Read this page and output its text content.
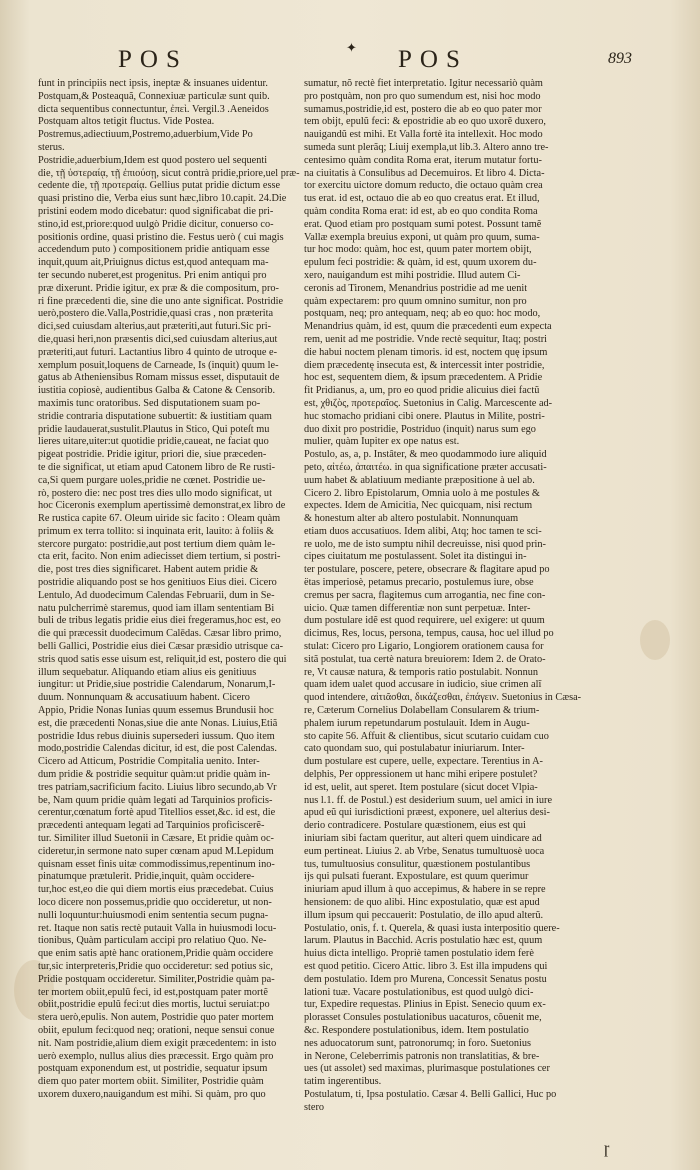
POS	✦ POS	893
funt in principiis nect ipsis, ineptæ & insuanes uidentur.
Postquam,& Posteaquã, Connexiuæ particulæ sunt quib.
dicta sequentibus connectuntur, ἐπεὶ. Vergil.3 .Aeneidos
Postquam altos tetigit fluctus. Vide Postea.
Postremus,adiectiuum,Postremo,aduerbium,Vide Po
sterus.
Postridie,aduerbium,Idem est quod postero uel sequenti
die, τῇ ὑστεραίᾳ, τῇ ἐπιούσῃ, sicut contrà pridie,priore,uel præ-
cedente die, τῇ προτεραίᾳ. Gellius putat pridie dictum esse
quasi pristino die, Verba eius sunt hæc,libro 10.capit. 24.Die
pristini eodem modo dicebatur: quod significabat die pri-
stino,id est,priore:quod uulgò Pridie dicitur, conuerso co-
positionis ordine, quasi pristino die. Festus uerò ( cui magis
accedendum puto ) compositionem pridie antiquam esse
inquit,quum ait,Priuignus dictus est,quod antequam ma-
ter secundo nuberet,est progenitus. Pri enim antiqui pro
præ dixerunt. Pridie igitur, ex præ & die compositum, pro-
ri fine præcedenti die, sine die uno ante significat. Postridie
uerò,postero die.Valla,Postridie,quasi cras , non præterita
dici,sed cuiusdam alterius,aut præteriti,aut futuri.Sic pri-
die,quasi heri,non præsentis dici,sed cuiusdam alterius,aut
præteriti,aut futuri. Lactantius libro 4 quinto de utroque e-
xemplum posuit,loquens de Carneade, Is (inquit) quum le-
gatus ab Atheniensibus Romam missus esset, disputauit de
iustitia copiosè, audientibus Galba & Catone & Censorib.
maximis tunc oratoribus. Sed disputationem suam po-
stridie contraria disputatione subuertit: & iustitiam quam
pridie laudauerat,sustulit.Plautus in Stico, Qui poteſt mu
lieres uitare,uiter:ut quotidie pridie,caueat, ne faciat quo
pigeat postridie. Pridie igitur, priori die, siue præceden-
te die significat, ut etiam apud Catonem libro de Re rusti-
ca,Si quem purgare uoles,pridie ne cœnet. Postridie ue-
rò, postero die: nec post tres dies ullo modo significat, ut
hoc Ciceronis exemplum apertissimè demonstrat,ex libro de
Re rustica capite 67. Oleum uiride sic facito : Oleam quàm
primum ex terra tollito: si inquinata erit, lauito: à foliis &
stercore purgato: postridie,aut post tertium diem quàm le-
cta erit, facito. Non enim adiecisset diem tertium, si postri-
die, post tres dies significaret. Habent autem pridie &
postridie aliquando post se hos genitiuos Eius diei. Cicero
Lentulo, Ad duodecimum Calendas Februarii, dum in Se-
natu pulcherrimè staremus, quod iam illam sententiam Bi
buli de tribus legatis pridie eius diei fregeramus,hoc est, eo
die qui præcessit duodecimum Calēdas. Cæsar libro primo,
belli Gallici, Postridie eius diei Cæsar præsidio utrisque ca-
stris quod satis esse uisum est, reliquit,id est, postero die qui
illum sequebatur. Aliquando etiam alius eis genitiuus
iungitur: ut Pridie,siue postridie Calendarum, Nonarum,I-
duum. Nonnunquam & accusatiuum habent. Cicero
Appio, Pridie Nonas Iunias quum essemus Brundusii hoc
est, die præcedenti Nonas,siue die ante Nonas. Liuius,Etiã
postridie Idus rebus diuinis supersederi iussum. Quo item
modo,postridie Calendas dicitur, id est, die post Calendas.
Cicero ad Atticum, Postridie Compitalia uenito. Inter-
dum pridie & postridie sequitur quàm:ut pridie quàm in-
tres patriam,sacrificium facito. Liuius libro secundo,ab Vr
be, Nam quum pridie quàm legati ad Tarquinios proficis-
cerentur,cœnatum fortè apud Titellios esset,&c. id est, die
præcedenti antequam legati ad Tarquinios proficiscerẽ-
tur. Similiter illud Suetonii in Cæsare, Et pridie quàm oc-
cideretur,in sermone nato super cœnam apud M.Lepidum
quisnam esset finis uitæ commodissimus,repentinum ino-
pinatumque prætulerit. Pridie,inquit, quàm occidere-
tur,hoc est,eo die qui diem mortis eius præcedebat. Cuius
loco dicere non possemus,pridie quo occideretur, ut non-
nulli loquuntur:huiusmodi enim sententia secum pugna-
ret. Itaque non satis rectè putauit Valla in huiusmodi locu-
tionibus, Quàm particulam accipi pro relatiuo Quo. Ne-
que enim satis aptè hanc orationem,Pridie quàm occidere
tur,sic interpreteris,Pridie quo occideretur: sed potius sic,
Pridie postquam occideretur. Similiter,Postridie quàm pa-
ter mortem obiit,epulũ feci, id est,postquam pater mortẽ
obiit,postridie epulũ feci:ut dies mortis, luctui seruiat:po
stera uerò,epulis. Non autem, Postridie quo pater mortem
obiit, epulum feci:quod neq; orationi, neque sensui conue
nit. Nam postridie,alium diem exigit præcedentem: in isto
uerò exemplo, nullus alius dies præcessit. Ergo quàm pro
postquam exponendum est, ut postridie, sequatur ipsum
diem quo pater mortem obiit. Similiter, Postridie quàm
uxorem duxero,nauigandum est mihi. Si quàm, pro quo
sumatur, nõ rectè fiet interpretatio. Igitur necessariò quàm
pro postquàm, non pro quo sumendum est, nisi hoc modo
sumamus,postridie,id est, postero die ab eo quo pater mor
tem obijt, epulũ feci: & epostridie ab eo quo uxorẽ duxero,
nauigandũ est mihi. Et Valla fortè ita intellexit. Hoc modo
sumeda sunt plerãq; Liuij exempla,ut lib.3. Altero anno tre-
centesimo quàm condita Roma erat, iterum mutatur fortu-
na ciuitatis à Consulibus ad Decemuiros. Et libro 4. Dicta-
tor exercitu uictore domum reducto, die octauo quàm crea
tus erat. id est, octauo die ab eo quo creatus erat. Et illud,
quàm condita Roma erat: id est, ab eo quo condita Roma
erat. Quod etiam pro postquam sumi potest. Possunt tamẽ
Vallæ exempla breuius exponi, ut quàm pro quum, suma-
tur hoc modo: quàm, hoc est, quum pater mortem obijt,
epulum feci postridie: & quàm, id est, quum uxorem du-
xero, nauigandum est mihi postridie. Illud autem Ci-
ceronis ad Tironem, Menandrius postridie ad me uenit
quàm expectarem: pro quum omnino sumitur, non pro
postquam, neq; pro antequam, neq; ab eo quo: hoc modo,
Menandrius quàm, id est, quum die præcedenti eum expecta
rem, uenit ad me postridie. Vnde rectè sequitur, Itaq; postri
die habui noctem plenam timoris. id est, noctem quę ipsum
diem præcedentę insecuta est, & intercessit inter postridie,
hoc est, sequentem diem, & ipsum præcedentem. A Pridie
fit Pridianus, a, um, pro eo quod pridie alicuius diei factũ
est, χθιζὸς, προτεραῖος. Suetonius in Calig. Marcescente ad-
huc stomacho pridiani cibi onere. Plautus in Milite, postri-
duo dixit pro postridie, Postriduo (inquit) narus sum ego
mulier, quàm Iupiter ex ope natus est.
Postulo, as, a, p. Instâter, & meo quodammodo iure aliquid
peto, αἰτέω, ἀπαιτέω. in qua significatione præter accusati-
uum habet & ablatiuum mediante præpositione à uel ab.
Cicero 2. libro Epistolarum, Omnia uolo à me postules &
expectes. Idem de Amicitia, Nec quicquam, nisi rectum
& honestum alter ab altero postulabit. Nonnunquam
etiam duos accusatiuos. Idem alibi, Atq; hoc tamen te sci-
re uolo, me de isto sumptu nihil decreuisse, nisi quod prin-
cipes ciuitatum me postulassent. Solet ita distingui in-
ter postulare, poscere, petere, obsecrare & flagitare apud po
ëtas imperiosè, petamus precario, postulemus iure, obse
cremus per sacra, flagitemus cum arrogantia, nec fine con-
uicio. Quæ tamen differentiæ non sunt perpetuæ. Inter-
dum postulare idẽ est quod requirere, uel exigere: ut quum
dicimus, Res, locus, persona, tempus, causa, hoc uel illud po
stulat: Cicero pro Ligario, Longiorem orationem causa for
sitã postulat, tua certè natura breuiorem: Idem 2. de Orato-
re, Vt causæ natura, & temporis ratio postulabit. Nonnun
quam idem ualet quod accusare in iudicio, siue crimen alĩ
quod intendere, αἰτιᾶσθαι, δικάζεσθαι, ἐπάγειν. Suetonius in Cæsa-
re, Cæterum Cornelius Dolabellam Consularem & trium-
phalem iurum repetundarum postulauit. Idem in Augu-
sto capite 56. Affuit & clientibus, sicut scutario cuidam cuo
cato quondam suo, qui postulabatur iniuriarum. Inter-
dum postulare est cupere, uelle, expectare. Terentius in A-
delphis, Per oppressionem ut hanc mihi eripere postulet?
id est, uelit, aut speret. Item postulare (sicut docet Vlpia-
nus l.1. ff. de Postul.) est desiderium suum, uel amici in iure
apud eũ qui iurisdictioni præest, exponere, uel alterius desi-
derio contradicere. Postulare quæstionem, eius est qui
iniuriam sibi factam queritur, aut alteri quem uindicare ad
eum pertineat. Liuius 2. ab Vrbe, Senatus tumultuosè uoca
tus, tumultuosius consulitur, quæstionem postulantibus
ijs qui pulsati fuerant. Expostulare, est quum querimur
iniuriam apud illum à quo accepimus, & habere in se repre
hensionem: de quo alibi. Hinc expostulatio, quæ est apud
illum ipsum qui peccauerit: Postulatio, de illo apud alterũ.
Postulatio, onis, f. t. Querela, & quasi iusta interpositio quere-
larum. Plautus in Bacchid. Acris postulatio hæc est, quum
huius dicta intelligo. Propriè tamen postulatio idem ferè
est quod petitio. Cicero Attic. libro 3. Est illa impudens qui
dem postulatio. Idem pro Murena, Concessit Senatus postu
lationi tuæ. Vacare postulationibus, est quod uulgò dici-
tur, Expedire requestas. Plinius in Epist. Senecio quum ex-
plorasset Consules postulationibus uacaturos, cõuenit me,
&c. Respondere postulationibus, idem. Item postulatio
nes aduocatorum sunt, patronorumq; in foro. Suetonius
in Nerone, Celeberrimis patronis non translatitias, & bre-
ues (ut assolet) sed maximas, plurimasque postulationes cer
tatim ingerentibus.
Postulatum, ti, Ipsa postulatio. Cæsar 4. Belli Gallici, Huc po
stero
ɼ
